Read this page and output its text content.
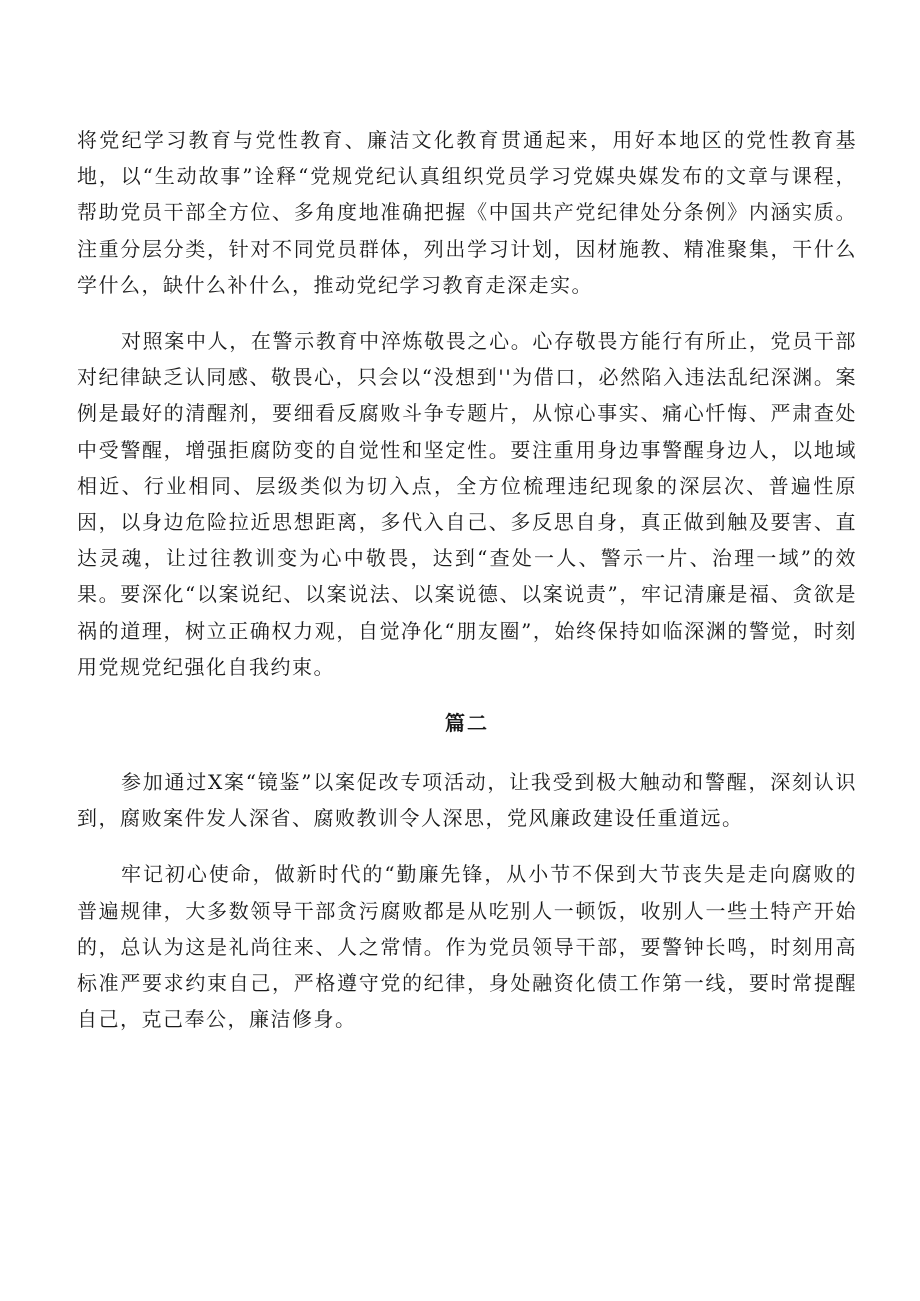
将党纪学习教育与党性教育、廉洁文化教育贯通起来，用好本地区的党性教育基地，以“生动故事”诠释“党规党纪认真组织党员学习党媒央媒发布的文章与课程，帮助党员干部全方位、多角度地准确把握《中国共产党纪律处分条例》内涵实质。注重分层分类，针对不同党员群体，列出学习计划，因材施教、精准聚集，干什么学什么，缺什么补什么，推动党纪学习教育走深走实。

对照案中人，在警示教育中淬炼敬畏之心。心存敬畏方能行有所止，党员干部对纪律缺乏认同感、敬畏心，只会以“没想到''为借口，必然陷入违法乱纪深渊。案例是最好的清醒剂，要细看反腐败斗争专题片，从惊心事实、痛心忏悔、严肃查处中受警醒，增强拒腐防变的自觉性和坚定性。要注重用身边事警醒身边人，以地域相近、行业相同、层级类似为切入点，全方位梳理违纪现象的深层次、普遍性原因，以身边危险拉近思想距离，多代入自己、多反思自身，真正做到触及要害、直达灵魂，让过往教训变为心中敬畏，达到“查处一人、警示一片、治理一域”的效果。要深化“以案说纪、以案说法、以案说德、以案说责”，牢记清廉是福、贪欲是祸的道理，树立正确权力观，自觉净化“朋友圈”，始终保持如临深渊的警觉，时刻用党规党纪强化自我约束。

篇二

参加通过X案“镜鉴”以案促改专项活动，让我受到极大触动和警醒，深刻认识到，腐败案件发人深省、腐败教训令人深思，党风廉政建设任重道远。

牢记初心使命，做新时代的“勤廉先锋，从小节不保到大节丧失是走向腐败的普遍规律，大多数领导干部贪污腐败都是从吃别人一顿饭，收别人一些土特产开始的，总认为这是礼尚往来、人之常情。作为党员领导干部，要警钟长鸣，时刻用高标准严要求约束自己，严格遵守党的纪律，身处融资化债工作第一线，要时常提醒自己，克己奉公，廉洁修身。
